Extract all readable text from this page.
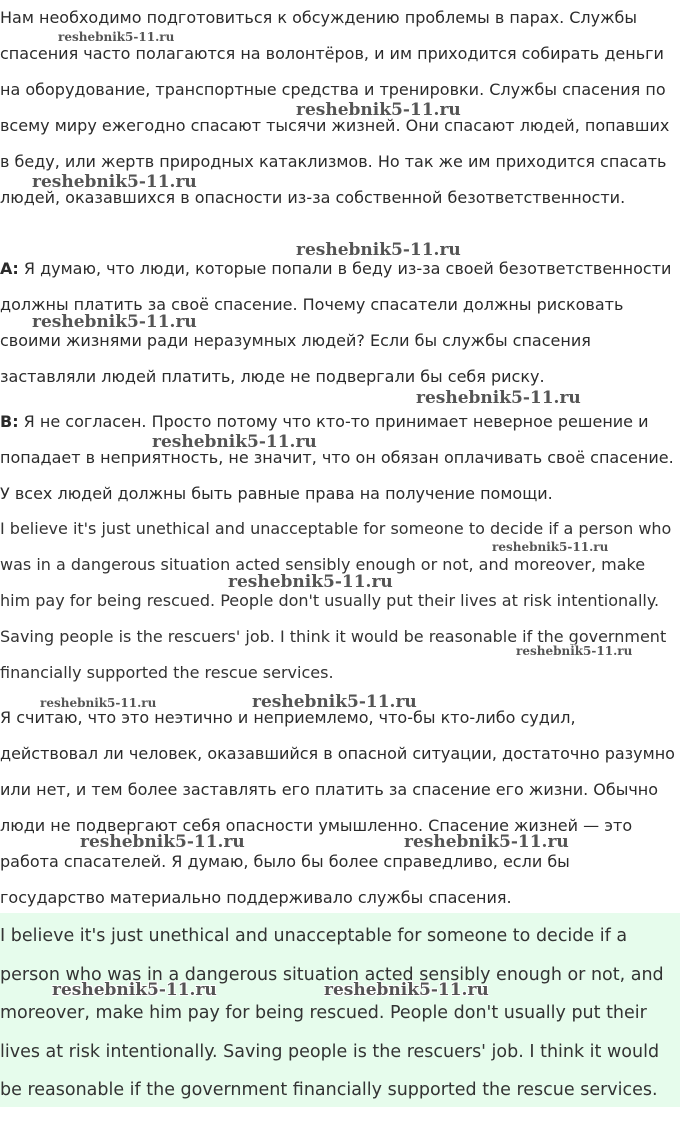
Нам необходимо подготовиться к обсуждению проблемы в парах. Службы спасения часто полагаются на волонтёров, и им приходится собирать деньги на оборудование, транспортные средства и тренировки. Службы спасения по всему миру ежегодно спасают тысячи жизней. Они спасают людей, попавших в беду, или жертв природных катаклизмов. Но так же им приходится спасать людей, оказавшихся в опасности из-за собственной безответственности.

А: Я думаю, что люди, которые попали в беду из-за своей безответственности должны платить за своё спасение. Почему спасатели должны рисковать своими жизнями ради неразумных людей? Если бы службы спасения заставляли людей платить, люде не подвергали бы себя риску.

В: Я не согласен. Просто потому что кто-то принимает неверное решение и попадает в неприятность, не значит, что он обязан оплачивать своё спасение. У всех людей должны быть равные права на получение помощи.

I believe it's just unethical and unacceptable for someone to decide if a person who was in a dangerous situation acted sensibly enough or not, and moreover, make him pay for being rescued. People don't usually put their lives at risk intentionally. Saving people is the rescuers' job. I think it would be reasonable if the government financially supported the rescue services.

Я считаю, что это неэтично и неприемлемо, что-бы кто-либо судил, действовал ли человек, оказавшийся в опасной ситуации, достаточно разумно или нет, и тем более заставлять его платить за спасение его жизни. Обычно люди не подвергают себя опасности умышленно. Спасение жизней — это работа спасателей. Я думаю, было бы более справедливо, если бы государство материально поддерживало службы спасения.

I believe it's just unethical and unacceptable for someone to decide if a person who was in a dangerous situation acted sensibly enough or not, and moreover, make him pay for being rescued. People don't usually put their lives at risk intentionally. Saving people is the rescuers' job. I think it would be reasonable if the government financially supported the rescue services.

reshebnik5-11.ru
reshebnik5-11.ru
reshebnik5-11.ru
reshebnik5-11.ru
reshebnik5-11.ru
reshebnik5-11.ru
reshebnik5-11.ru
reshebnik5-11.ru
reshebnik5-11.ru
reshebnik5-11.ru
reshebnik5-11.ru	reshebnik5-11.ru
reshebnik5-11.ru	reshebnik5-11.ru
reshebnik5-11.ru	reshebnik5-11.ru
